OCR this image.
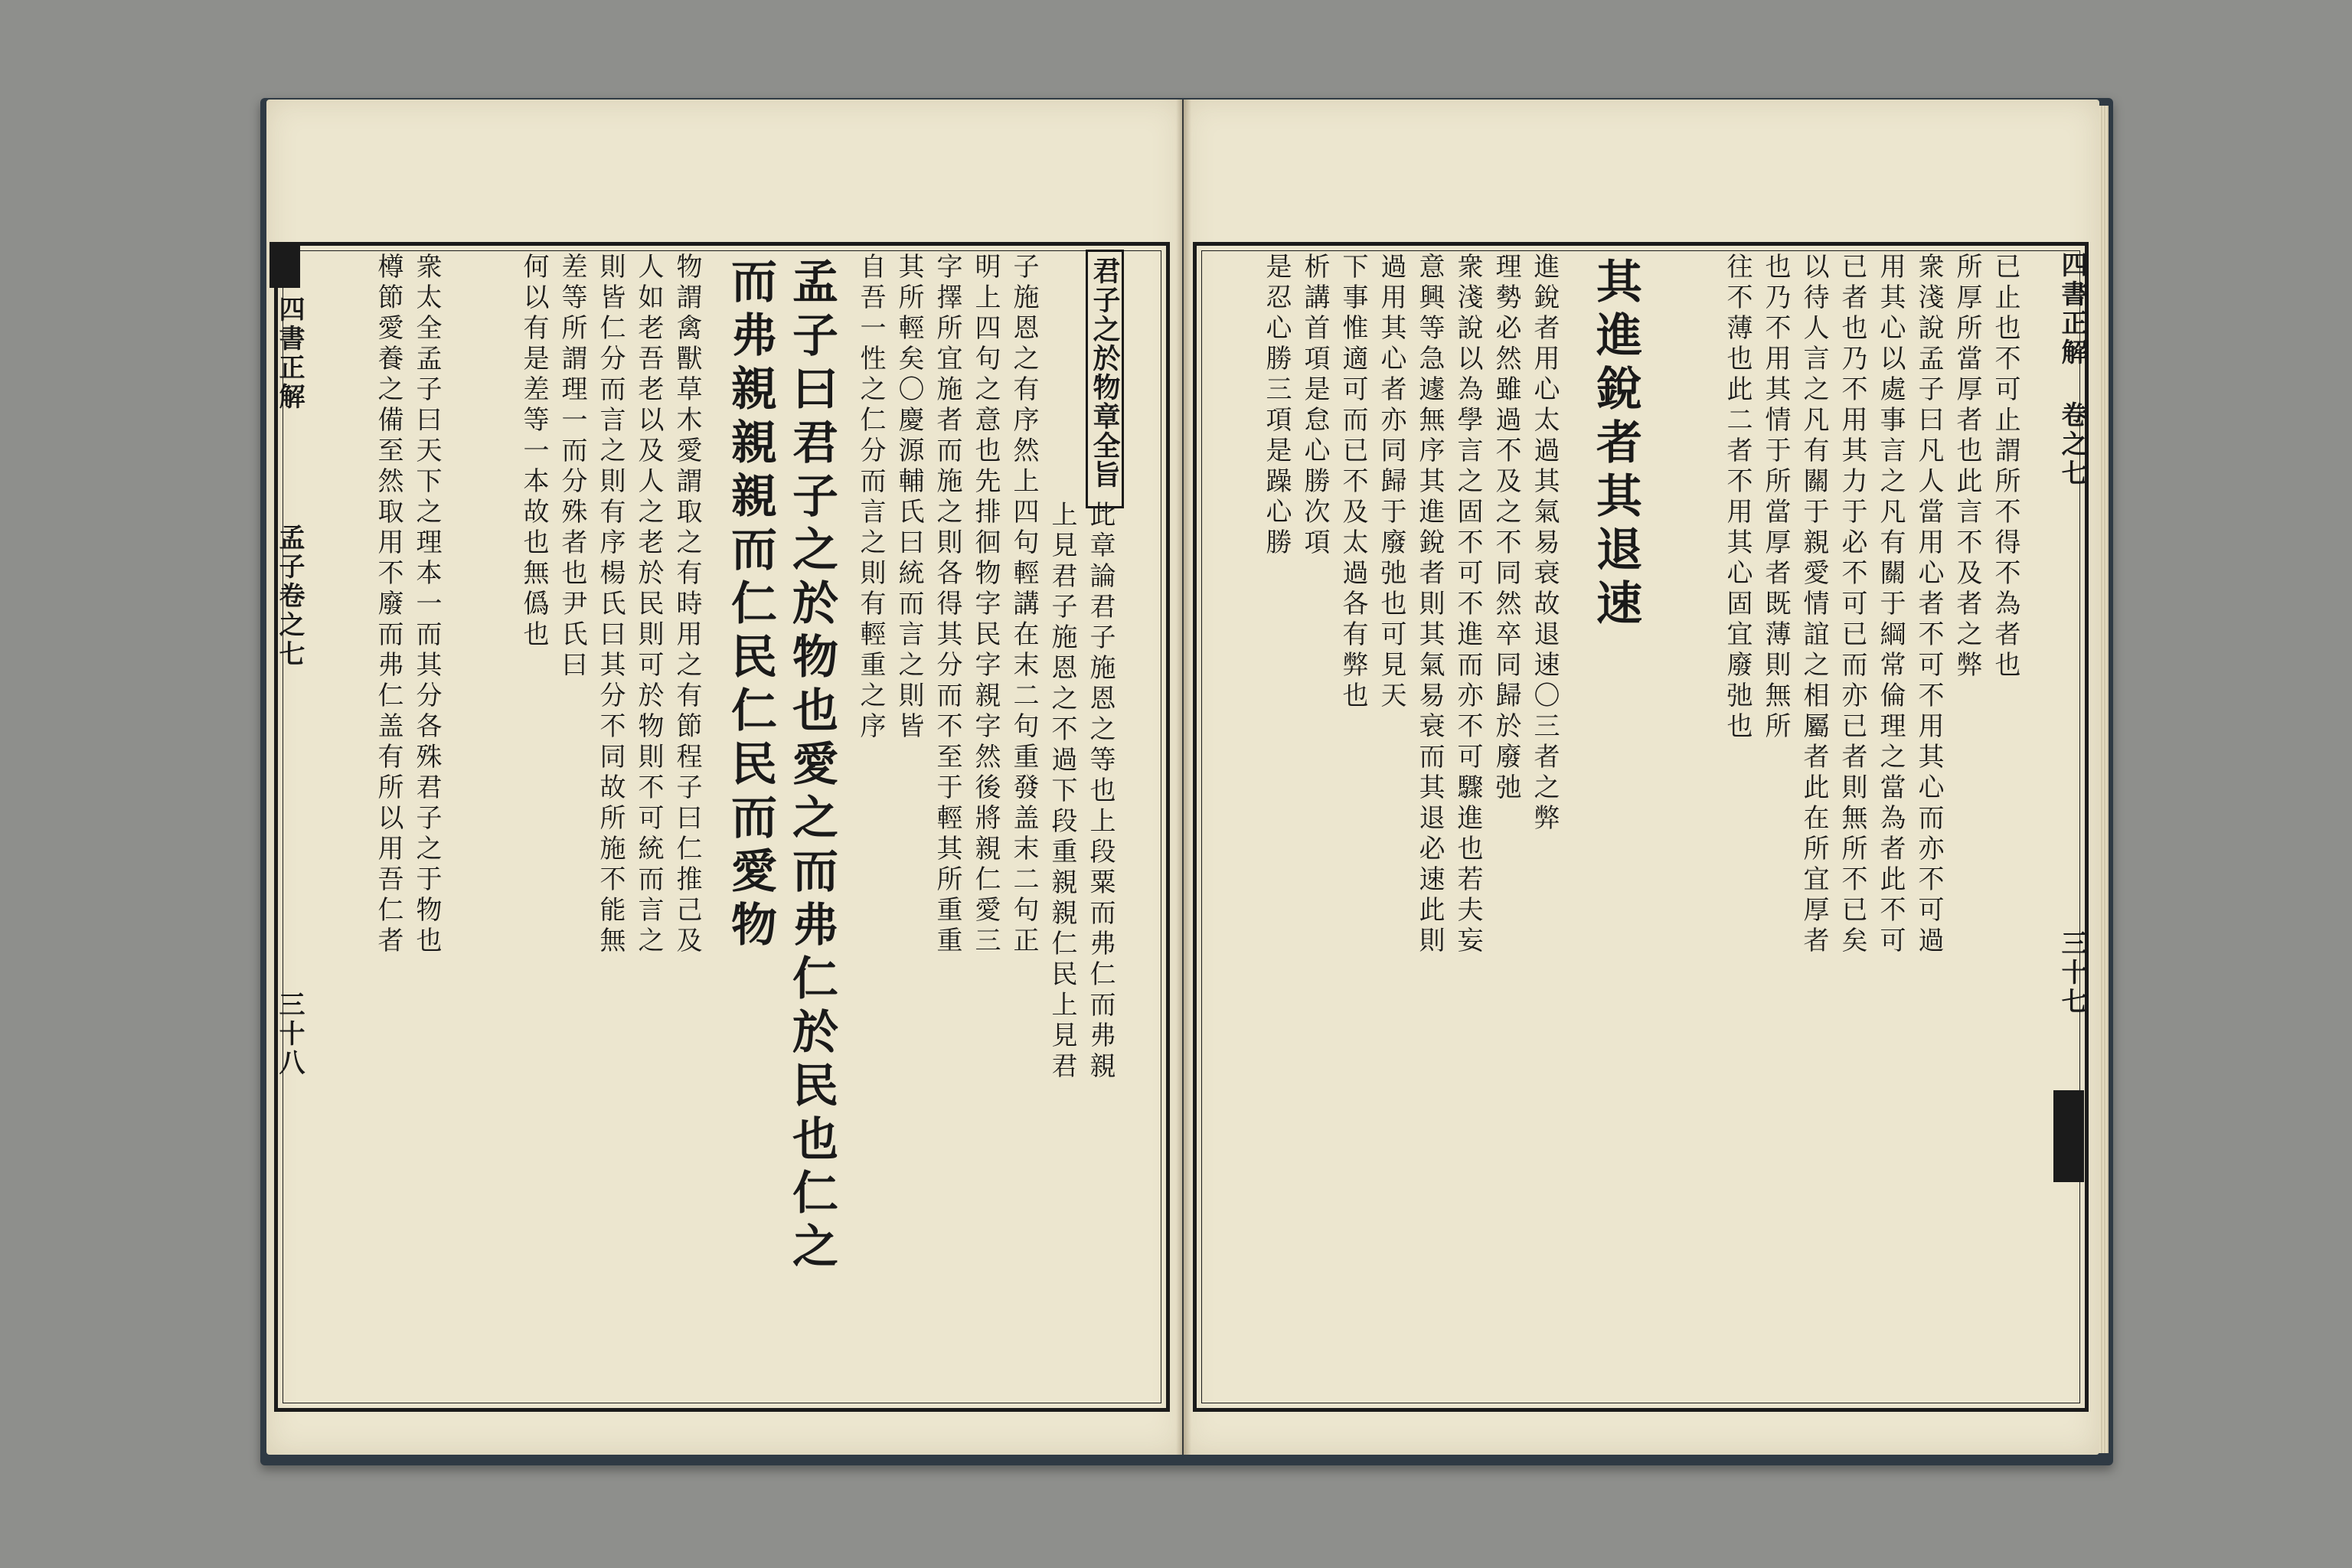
四書正解
孟子卷之七
三十八
四書正解
卷之七
三十七
君子之於物章全旨
此章論君子施恩之等也上段粟而弗仁而弗親
上見君子施恩之不過下段重親親仁民上見君
子施恩之有序然上四句輕講在末二句重發盖末二句正
明上四句之意也先排徊物字民字親字然後將親仁愛三
字擇所宜施者而施之則各得其分而不至于輕其所重重
其所輕矣〇慶源輔氏曰統而言之則皆
自吾一性之仁分而言之則有輕重之序
孟子曰君子之於物也愛之而弗仁於民也仁之
而弗親親親而仁民仁民而愛物
物謂禽獸草木愛謂取之有時用之有節程子曰仁推己及
人如老吾老以及人之老於民則可於物則不可統而言之
則皆仁分而言之則有序楊氏曰其分不同故所施不能無
差等所謂理一而分殊者也尹氏曰
何以有是差等一本故也無僞也
衆太全孟子曰天下之理本一而其分各殊君子之于物也
樽節愛養之備至然取用不廢而弗仁盖有所以用吾仁者	已止也不可止謂所不得不為者也
所厚所當厚者也此言不及者之弊
衆淺說孟子曰凡人當用心者不可不用其心而亦不可過
用其心以處事言之凡有關于綱常倫理之當為者此不可
已者也乃不用其力于必不可已而亦已者則無所不已矣
以待人言之凡有關于親愛情誼之相屬者此在所宜厚者
也乃不用其情于所當厚者既薄則無所
往不薄也此二者不用其心固宜廢弛也
其進銳者其退速
進銳者用心太過其氣易衰故退速〇三者之弊
理勢必然雖過不及之不同然卒同歸於廢弛
衆淺說以為學言之固不可不進而亦不可驟進也若夫妄
意興等急遽無序其進銳者則其氣易衰而其退必速此則
過用其心者亦同歸于廢弛也可見天
下事惟適可而已不及太過各有弊也
析講首項是怠心勝次項
是忍心勝三項是躁心勝
